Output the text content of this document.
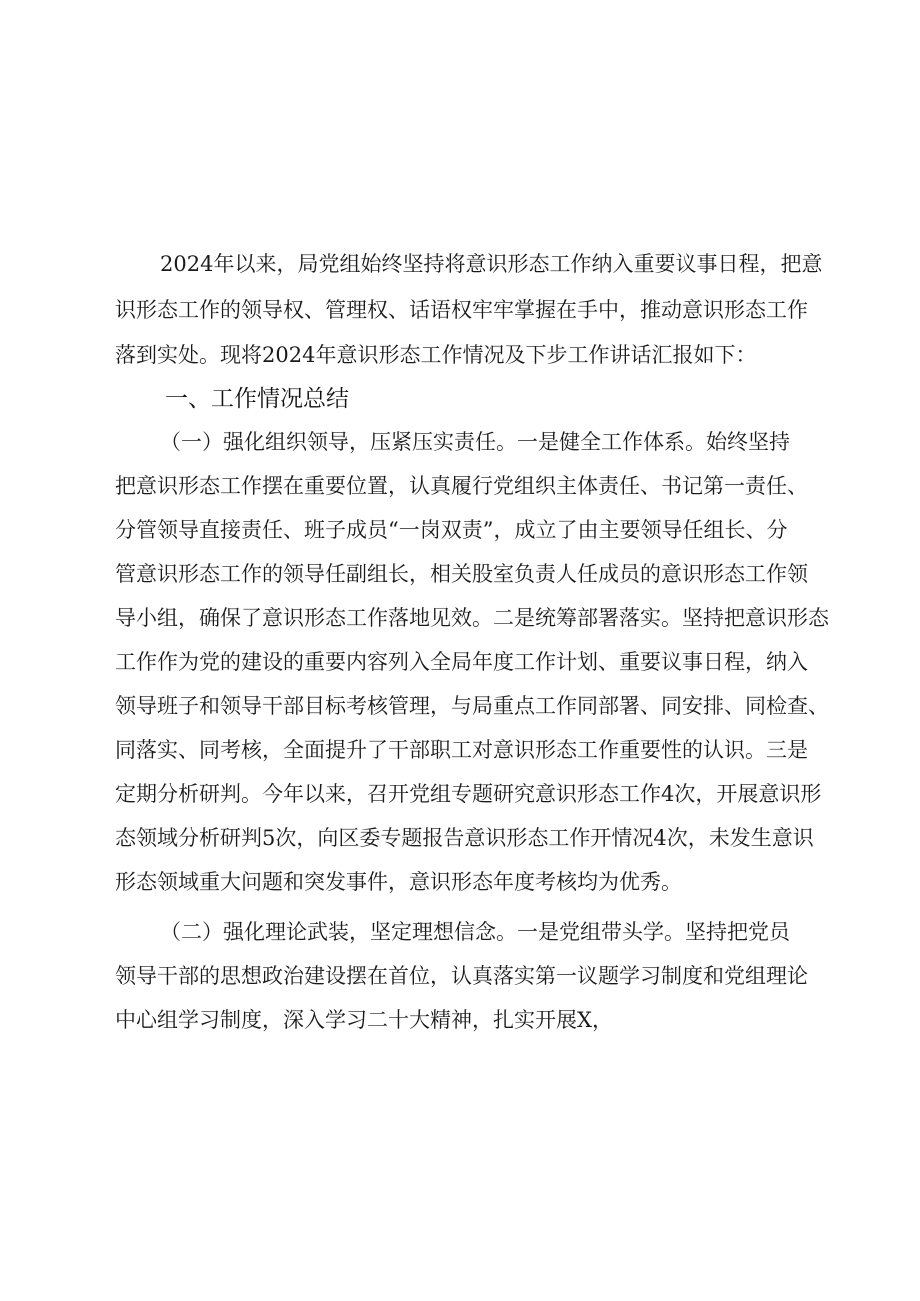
2024年以来，局党组始终坚持将意识形态工作纳入重要议事日程，把意

识形态工作的领导权、管理权、话语权牢牢掌握在手中，推动意识形态工作

落到实处。现将2024年意识形态工作情况及下步工作讲话汇报如下：

一、工作情况总结

（一）强化组织领导，压紧压实责任。一是健全工作体系。始终坚持

把意识形态工作摆在重要位置，认真履行党组织主体责任、书记第一责任、

分管领导直接责任、班子成员“一岗双责”，成立了由主要领导任组长、分

管意识形态工作的领导任副组长，相关股室负责人任成员的意识形态工作领

导小组，确保了意识形态工作落地见效。二是统筹部署落实。坚持把意识形态

工作作为党的建设的重要内容列入全局年度工作计划、重要议事日程，纳入

领导班子和领导干部目标考核管理，与局重点工作同部署、同安排、同检查、

同落实、同考核，全面提升了干部职工对意识形态工作重要性的认识。三是

定期分析研判。今年以来，召开党组专题研究意识形态工作4次，开展意识形

态领域分析研判5次，向区委专题报告意识形态工作开情况4次，未发生意识

形态领域重大问题和突发事件，意识形态年度考核均为优秀。

（二）强化理论武装，坚定理想信念。一是党组带头学。坚持把党员

领导干部的思想政治建设摆在首位，认真落实第一议题学习制度和党组理论

中心组学习制度，深入学习二十大精神，扎实开展X，
